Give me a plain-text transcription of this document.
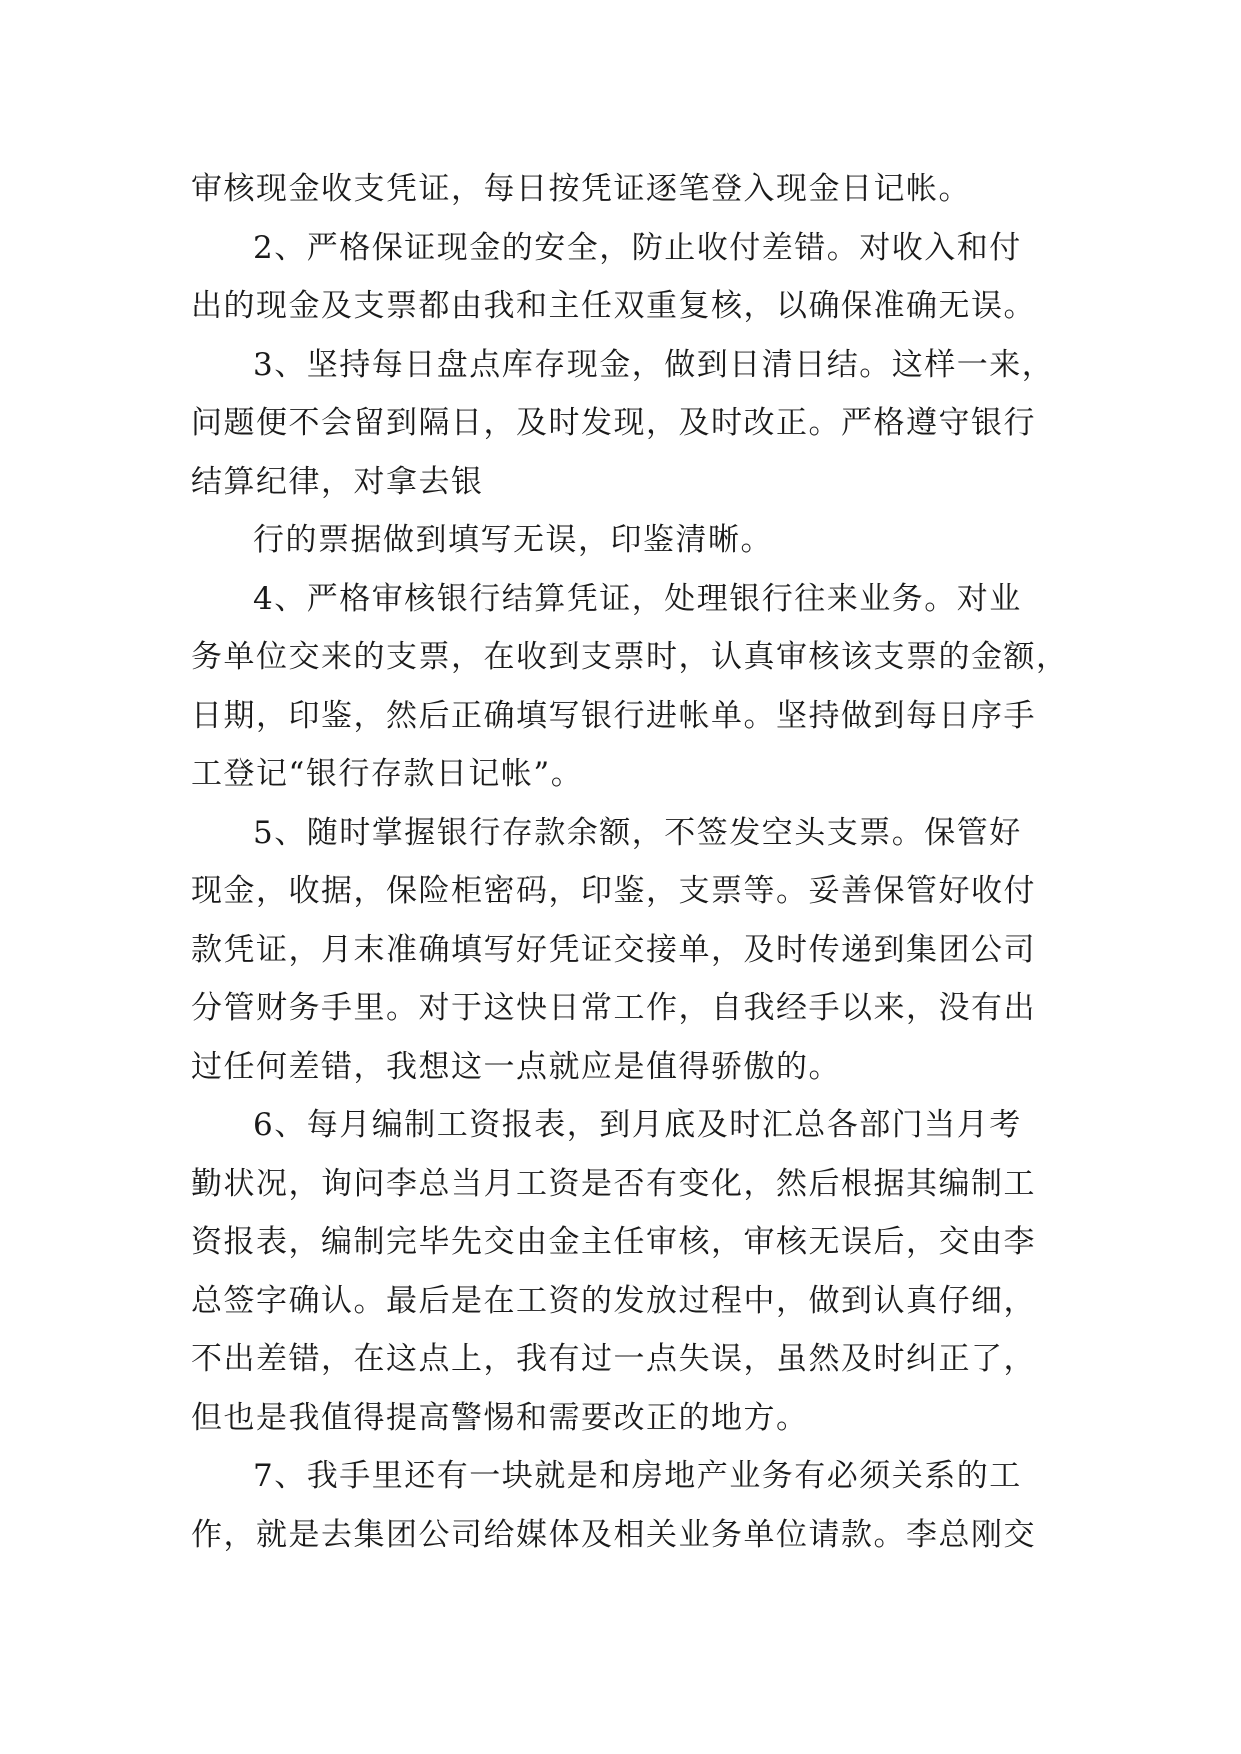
审核现金收支凭证，每日按凭证逐笔登入现金日记帐。
2、严格保证现金的安全，防止收付差错。对收入和付
出的现金及支票都由我和主任双重复核，以确保准确无误。
3、坚持每日盘点库存现金，做到日清日结。这样一来，
问题便不会留到隔日，及时发现，及时改正。严格遵守银行
结算纪律，对拿去银
行的票据做到填写无误，印鉴清晰。
4、严格审核银行结算凭证，处理银行往来业务。对业
务单位交来的支票，在收到支票时，认真审核该支票的金额，
日期，印鉴，然后正确填写银行进帐单。坚持做到每日序手
工登记“银行存款日记帐”。
5、随时掌握银行存款余额，不签发空头支票。保管好
现金，收据，保险柜密码，印鉴，支票等。妥善保管好收付
款凭证，月末准确填写好凭证交接单，及时传递到集团公司
分管财务手里。对于这快日常工作，自我经手以来，没有出
过任何差错，我想这一点就应是值得骄傲的。
6、每月编制工资报表，到月底及时汇总各部门当月考
勤状况，询问李总当月工资是否有变化，然后根据其编制工
资报表，编制完毕先交由金主任审核，审核无误后，交由李
总签字确认。最后是在工资的发放过程中，做到认真仔细，
不出差错，在这点上，我有过一点失误，虽然及时纠正了，
但也是我值得提高警惕和需要改正的地方。
7、我手里还有一块就是和房地产业务有必须关系的工
作，就是去集团公司给媒体及相关业务单位请款。李总刚交
